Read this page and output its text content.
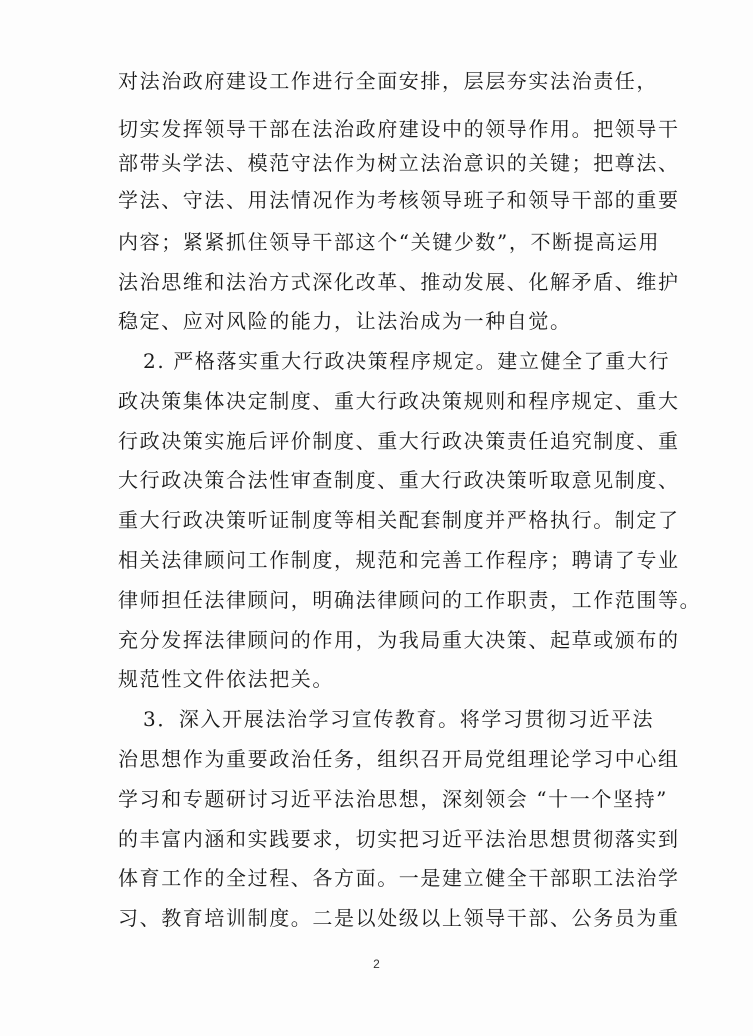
对法治政府建设工作进行全面安排，层层夯实法治责任，
切实发挥领导干部在法治政府建设中的领导作用。把领导干
部带头学法、模范守法作为树立法治意识的关键；把尊法、
学法、守法、用法情况作为考核领导班子和领导干部的重要
内容；紧紧抓住领导干部这个“关键少数”，不断提高运用
法治思维和法治方式深化改革、推动发展、化解矛盾、维护
稳定、应对风险的能力，让法治成为一种自觉。
2. 严格落实重大行政决策程序规定。建立健全了重大行
政决策集体决定制度、重大行政决策规则和程序规定、重大
行政决策实施后评价制度、重大行政决策责任追究制度、重
大行政决策合法性审查制度、重大行政决策听取意见制度、
重大行政决策听证制度等相关配套制度并严格执行。制定了
相关法律顾问工作制度，规范和完善工作程序；聘请了专业
律师担任法律顾问，明确法律顾问的工作职责，工作范围等。
充分发挥法律顾问的作用，为我局重大决策、起草或颁布的
规范性文件依法把关。
3．深入开展法治学习宣传教育。将学习贯彻习近平法
治思想作为重要政治任务，组织召开局党组理论学习中心组
学习和专题研讨习近平法治思想，深刻领会 “十一个坚持”
的丰富内涵和实践要求，切实把习近平法治思想贯彻落实到
体育工作的全过程、各方面。一是建立健全干部职工法治学
习、教育培训制度。二是以处级以上领导干部、公务员为重
2
